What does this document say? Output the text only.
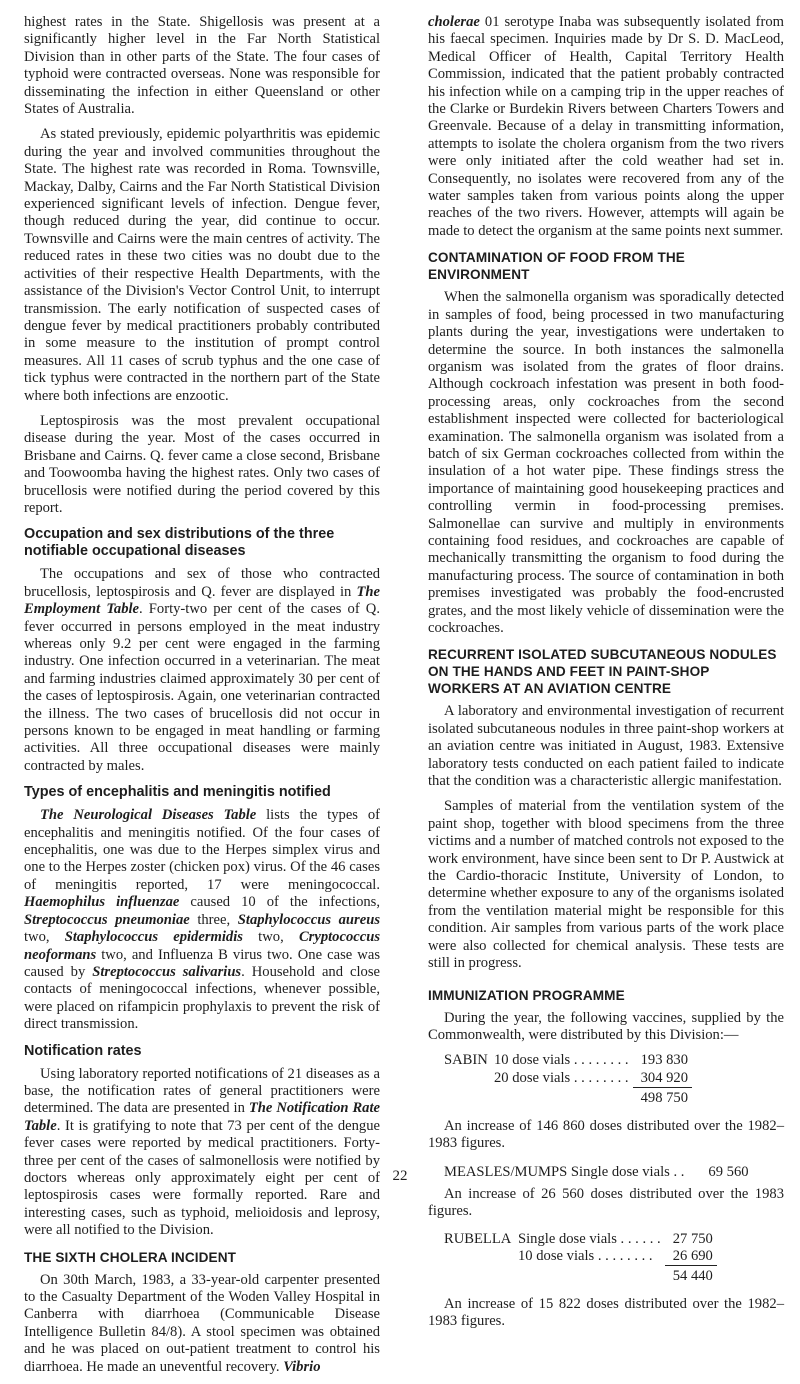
highest rates in the State. Shigellosis was present at a significantly higher level in the Far North Statistical Division than in other parts of the State. The four cases of typhoid were contracted overseas. None was responsible for disseminating the infection in either Queensland or other States of Australia.

As stated previously, epidemic polyarthritis was epidemic during the year and involved communities throughout the State. The highest rate was recorded in Roma. Townsville, Mackay, Dalby, Cairns and the Far North Statistical Division experienced significant levels of infection. Dengue fever, though reduced during the year, did continue to occur. Townsville and Cairns were the main centres of activity. The reduced rates in these two cities was no doubt due to the activities of their respective Health Departments, with the assistance of the Division's Vector Control Unit, to interrupt transmission. The early notification of suspected cases of dengue fever by medical practitioners probably contributed in some measure to the institution of prompt control measures. All 11 cases of scrub typhus and the one case of tick typhus were contracted in the northern part of the State where both infections are enzootic.

Leptospirosis was the most prevalent occupational disease during the year. Most of the cases occurred in Brisbane and Cairns. Q. fever came a close second, Brisbane and Toowoomba having the highest rates. Only two cases of brucellosis were notified during the period covered by this report.

Occupation and sex distributions of the three notifiable occupational diseases

The occupations and sex of those who contracted brucellosis, leptospirosis and Q. fever are displayed in The Employment Table. Forty-two per cent of the cases of Q. fever occurred in persons employed in the meat industry whereas only 9.2 per cent were engaged in the farming industry. One infection occurred in a veterinarian. The meat and farming industries claimed approximately 30 per cent of the cases of leptospirosis. Again, one veterinarian contracted the illness. The two cases of brucellosis did not occur in persons known to be engaged in meat handling or farming activities. All three occupational diseases were mainly contracted by males.

Types of encephalitis and meningitis notified

The Neurological Diseases Table lists the types of encephalitis and meningitis notified. Of the four cases of encephalitis, one was due to the Herpes simplex virus and one to the Herpes zoster (chicken pox) virus. Of the 46 cases of meningitis reported, 17 were meningococcal. Haemophilus influenzae caused 10 of the infections, Streptococcus pneumoniae three, Staphylococcus aureus two, Staphylococcus epidermidis two, Cryptococcus neoformans two, and Influenza B virus two. One case was caused by Streptococcus salivarius. Household and close contacts of meningococcal infections, whenever possible, were placed on rifampicin prophylaxis to prevent the risk of direct transmission.

Notification rates

Using laboratory reported notifications of 21 diseases as a base, the notification rates of general practitioners were determined. The data are presented in The Notification Rate Table. It is gratifying to note that 73 per cent of the dengue fever cases were reported by medical practitioners. Forty-three per cent of the cases of salmonellosis were notified by doctors whereas only approximately eight per cent of leptospirosis cases were formally reported. Rare and interesting cases, such as typhoid, melioidosis and leprosy, were all notified to the Division.

THE SIXTH CHOLERA INCIDENT

On 30th March, 1983, a 33-year-old carpenter presented to the Casualty Department of the Woden Valley Hospital in Canberra with diarrhoea (Communicable Disease Intelligence Bulletin 84/8). A stool specimen was obtained and he was placed on out-patient treatment to control his diarrhoea. He made an uneventful recovery. Vibrio

cholerae 01 serotype Inaba was subsequently isolated from his faecal specimen. Inquiries made by Dr S. D. MacLeod, Medical Officer of Health, Capital Territory Health Commission, indicated that the patient probably contracted his infection while on a camping trip in the upper reaches of the Clarke or Burdekin Rivers between Charters Towers and Greenvale. Because of a delay in transmitting information, attempts to isolate the cholera organism from the two rivers were only initiated after the cold weather had set in. Consequently, no isolates were recovered from any of the water samples taken from various points along the upper reaches of the two rivers. However, attempts will again be made to detect the organism at the same points next summer.

CONTAMINATION OF FOOD FROM THE ENVIRONMENT

When the salmonella organism was sporadically detected in samples of food, being processed in two manufacturing plants during the year, investigations were undertaken to determine the source. In both instances the salmonella organism was isolated from the grates of floor drains. Although cockroach infestation was present in both food-processing areas, only cockroaches from the second establishment inspected were collected for bacteriological examination. The salmonella organism was isolated from a batch of six German cockroaches collected from within the insulation of a hot water pipe. These findings stress the importance of maintaining good housekeeping practices and controlling vermin in food-processing premises. Salmonellae can survive and multiply in environments containing food residues, and cockroaches are capable of mechanically transmitting the organism to food during the manufacturing process. The source of contamination in both premises investigated was probably the food-encrusted grates, and the most likely vehicle of dissemination were the cockroaches.

RECURRENT ISOLATED SUBCUTANEOUS NODULES ON THE HANDS AND FEET IN PAINT-SHOP WORKERS AT AN AVIATION CENTRE

A laboratory and environmental investigation of recurrent isolated subcutaneous nodules in three paint-shop workers at an aviation centre was initiated in August, 1983. Extensive laboratory tests conducted on each patient failed to indicate that the condition was a characteristic allergic manifestation.

Samples of material from the ventilation system of the paint shop, together with blood specimens from the three victims and a number of matched controls not exposed to the work environment, have since been sent to Dr P. Austwick at the Cardio-thoracic Institute, University of London, to determine whether exposure to any of the organisms isolated from the ventilation material might be responsible for this condition. Air samples from various parts of the work place were also collected for chemical analysis. These tests are still in progress.

IMMUNIZATION PROGRAMME

During the year, the following vaccines, supplied by the Commonwealth, were distributed by this Division:—

SABIN	10 dose vials . . . . . . . .	193 830
	20 dose vials . . . . . . . .	304 920
		498 750

An increase of 146 860 doses distributed over the 1982–1983 figures.

MEASLES/MUMPS Single dose vials . .	69 560

An increase of 26 560 doses distributed over the 1983 figures.

RUBELLA	Single dose vials . . . . . .	27 750
	10 dose vials . . . . . . . .	26 690
		54 440

An increase of 15 822 doses distributed over the 1982–1983 figures.

22
